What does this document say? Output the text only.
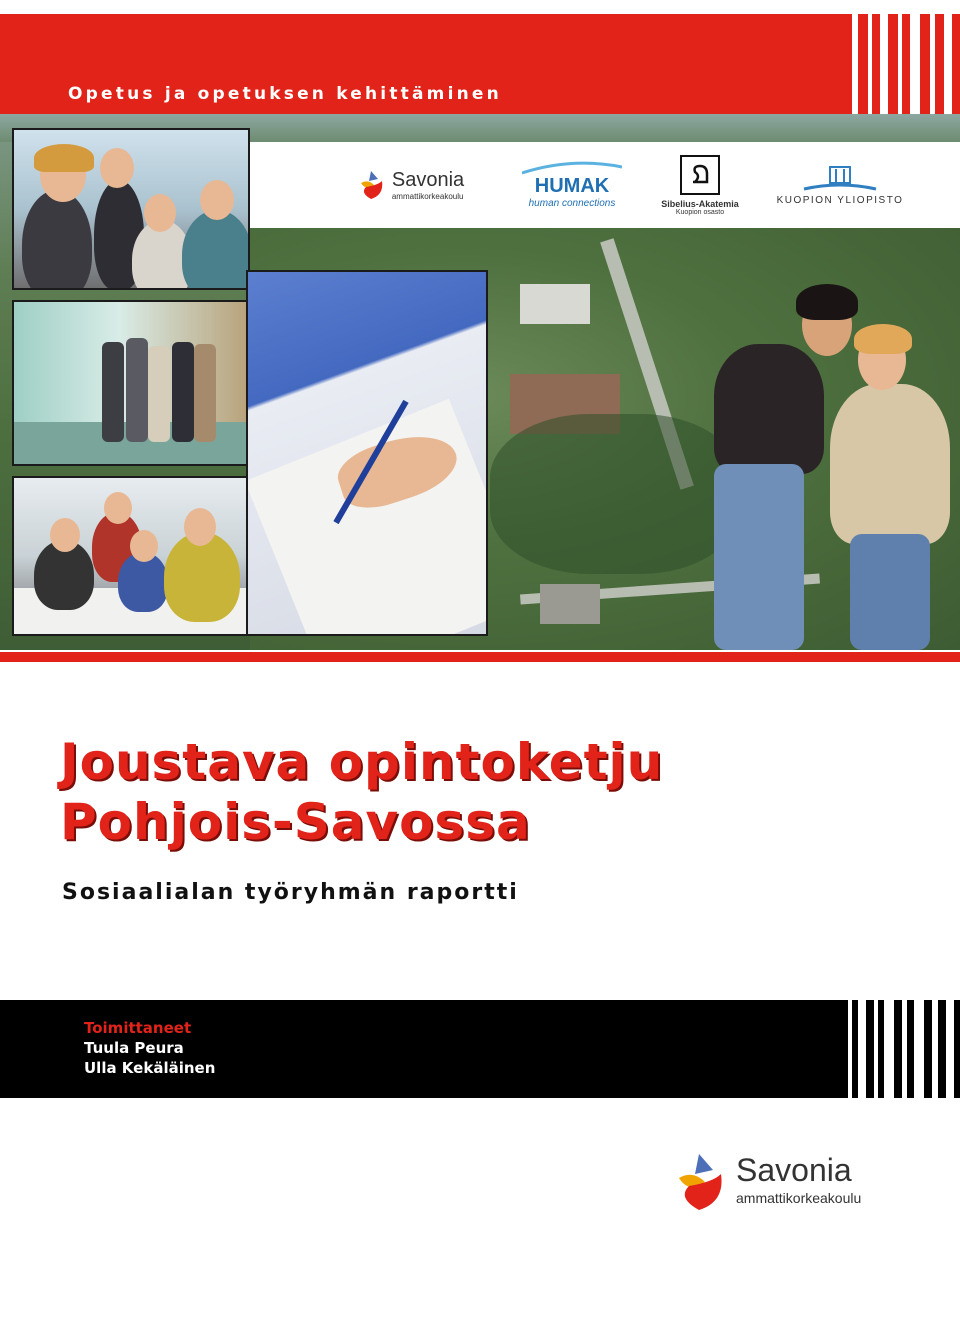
Opetus ja opetuksen kehittäminen
Savonia
ammattikorkeakoulu	HUMAK
human connections	Sibelius-Akatemia
Kuopion osasto
KUOPION YLIOPISTO
Joustava opintoketju
Pohjois-Savossa
Sosiaalialan työryhmän raportti
Toimittaneet
Tuula Peura
Ulla Kekäläinen
Savonia
ammattikorkeakoulu
